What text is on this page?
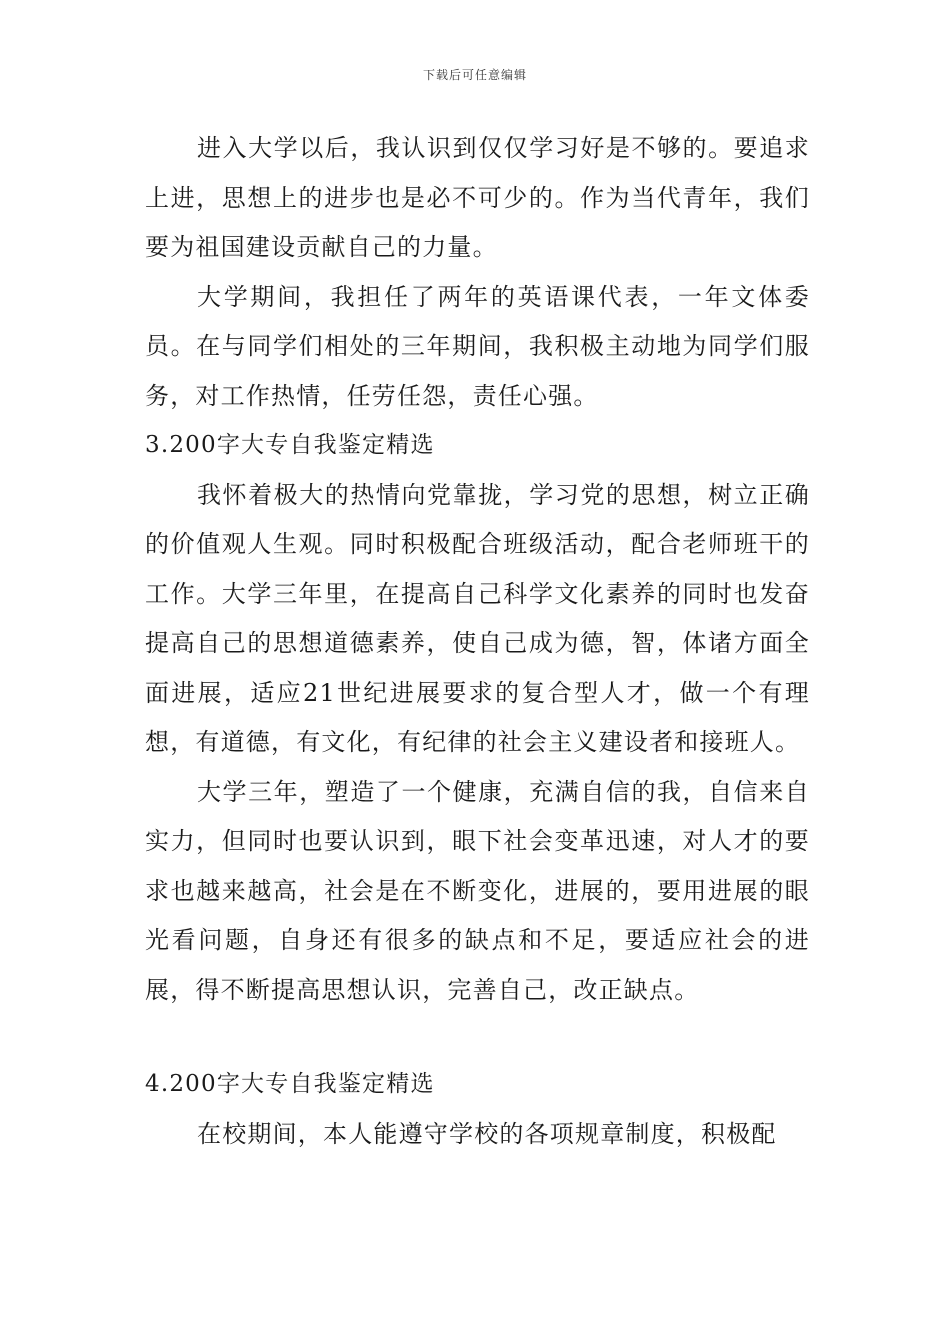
下载后可任意编辑

进入大学以后，我认识到仅仅学习好是不够的。要追求上进，思想上的进步也是必不可少的。作为当代青年，我们要为祖国建设贡献自己的力量。

大学期间，我担任了两年的英语课代表，一年文体委员。在与同学们相处的三年期间，我积极主动地为同学们服务，对工作热情，任劳任怨，责任心强。

3.200字大专自我鉴定精选

我怀着极大的热情向党靠拢，学习党的思想，树立正确的价值观人生观。同时积极配合班级活动，配合老师班干的工作。大学三年里，在提高自己科学文化素养的同时也发奋提高自己的思想道德素养，使自己成为德，智，体诸方面全面进展，适应21世纪进展要求的复合型人才，做一个有理想，有道德，有文化，有纪律的社会主义建设者和接班人。

大学三年，塑造了一个健康，充满自信的我，自信来自实力，但同时也要认识到，眼下社会变革迅速，对人才的要求也越来越高，社会是在不断变化，进展的，要用进展的眼光看问题，自身还有很多的缺点和不足，要适应社会的进展，得不断提高思想认识，完善自己，改正缺点。

4.200字大专自我鉴定精选

在校期间，本人能遵守学校的各项规章制度，积极配
